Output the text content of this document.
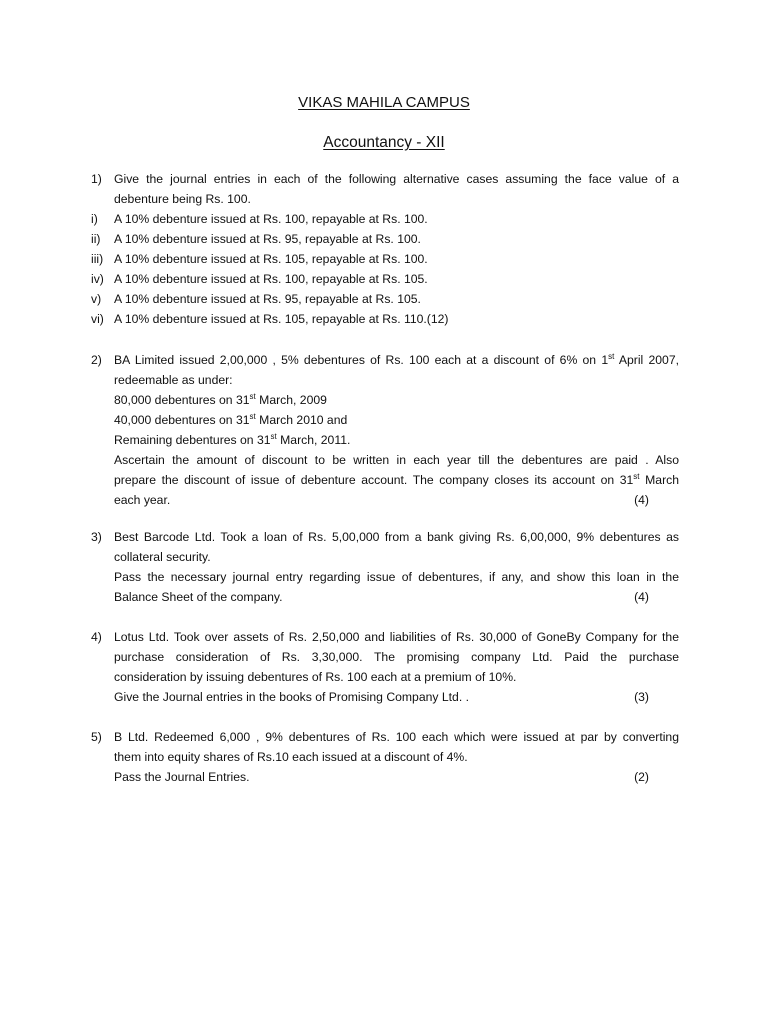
VIKAS MAHILA CAMPUS
Accountancy - XII
1) Give the journal entries in each of the following alternative cases assuming the face value of a
debenture being Rs. 100.
i) A 10% debenture issued at Rs. 100, repayable at Rs. 100.
ii) A 10% debenture issued at Rs. 95, repayable at Rs. 100.
iii) A 10% debenture issued at Rs. 105, repayable at Rs. 100.
iv) A 10% debenture issued at Rs. 100, repayable at Rs. 105.
v) A 10% debenture issued at Rs. 95, repayable at Rs. 105.
vi) A 10% debenture issued at Rs. 105, repayable at Rs. 110.(12)
2) BA Limited issued 2,00,000 , 5% debentures of Rs. 100 each at a discount of 6% on 1st April 2007,
redeemable as under:
80,000 debentures on 31st March, 2009
40,000 debentures on 31st March 2010 and
Remaining debentures on 31st March, 2011.
Ascertain the amount of discount to be written in each year till the debentures are paid . Also
prepare the discount of issue of debenture account. The company closes its account on 31st March
each year.	(4)
3) Best Barcode Ltd. Took a loan of Rs. 5,00,000 from a bank giving Rs. 6,00,000, 9% debentures as
collateral security.
Pass the necessary journal entry regarding issue of debentures, if any, and show this loan in the
Balance Sheet of the company.	(4)
4) Lotus Ltd. Took over assets of Rs. 2,50,000 and liabilities of Rs. 30,000 of GoneBy Company for the
purchase consideration of Rs. 3,30,000. The promising company Ltd. Paid the purchase
consideration by issuing debentures of Rs. 100 each at a premium of 10%.
Give the Journal entries in the books of Promising Company Ltd. .	(3)
5) B Ltd. Redeemed 6,000 , 9% debentures of Rs. 100 each which were issued at par by converting
them into equity shares of Rs.10 each issued at a discount of 4%.
Pass the Journal Entries.	(2)
